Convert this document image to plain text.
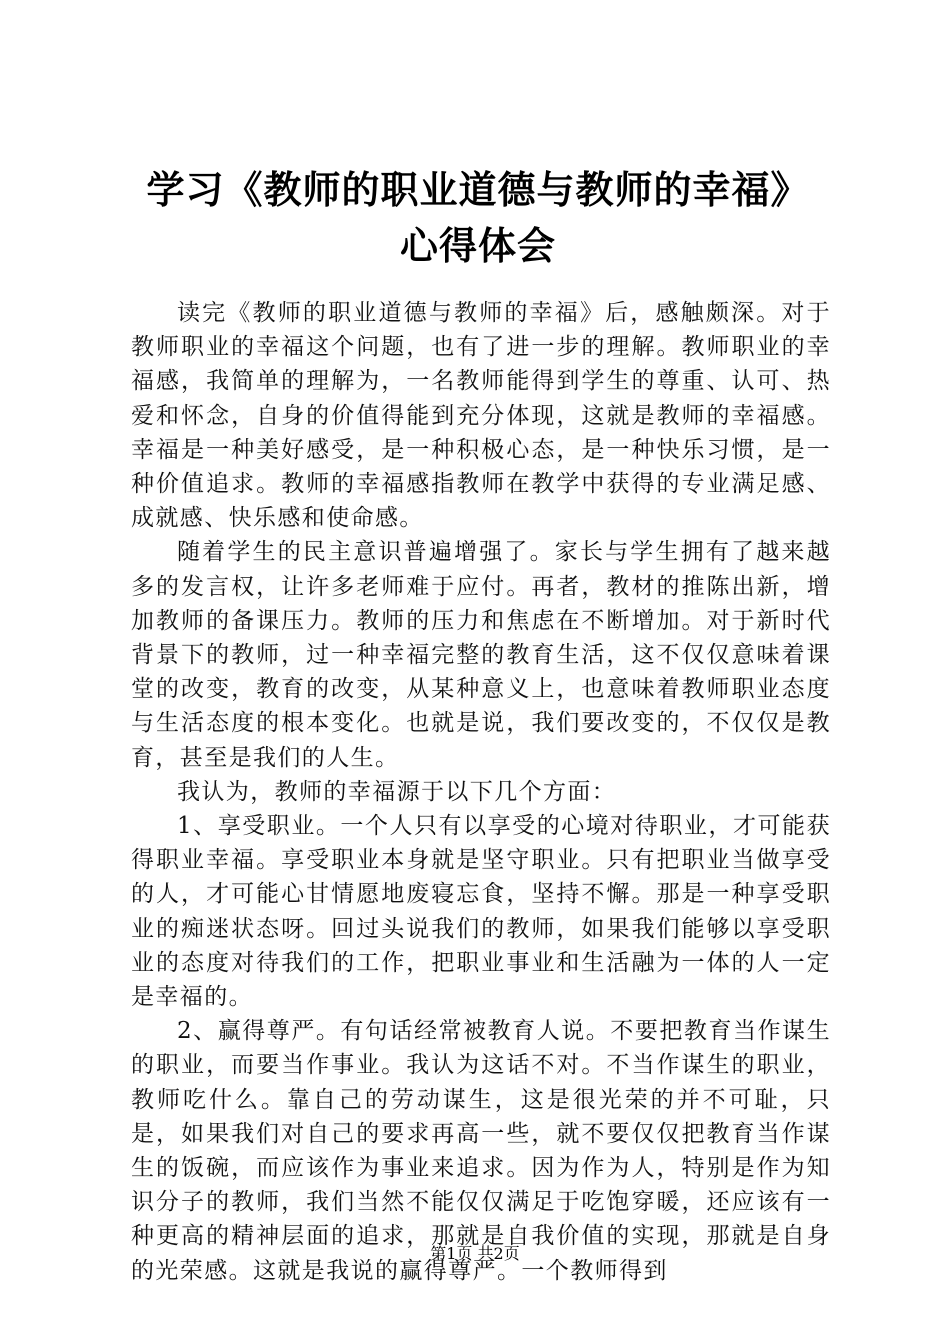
学习《教师的职业道德与教师的幸福》心得体会

读完《教师的职业道德与教师的幸福》后，感触颇深。对于教师职业的幸福这个问题，也有了进一步的理解。教师职业的幸福感，我简单的理解为，一名教师能得到学生的尊重、认可、热爱和怀念，自身的价值得能到充分体现，这就是教师的幸福感。幸福是一种美好感受，是一种积极心态，是一种快乐习惯，是一种价值追求。教师的幸福感指教师在教学中获得的专业满足感、成就感、快乐感和使命感。

随着学生的民主意识普遍增强了。家长与学生拥有了越来越多的发言权，让许多老师难于应付。再者，教材的推陈出新，增加教师的备课压力。教师的压力和焦虑在不断增加。对于新时代背景下的教师，过一种幸福完整的教育生活，这不仅仅意味着课堂的改变，教育的改变，从某种意义上，也意味着教师职业态度与生活态度的根本变化。也就是说，我们要改变的，不仅仅是教育，甚至是我们的人生。

我认为，教师的幸福源于以下几个方面：

1、享受职业。一个人只有以享受的心境对待职业，才可能获得职业幸福。享受职业本身就是坚守职业。只有把职业当做享受的人，才可能心甘情愿地废寝忘食，坚持不懈。那是一种享受职业的痴迷状态呀。回过头说我们的教师，如果我们能够以享受职业的态度对待我们的工作，把职业事业和生活融为一体的人一定是幸福的。

2、赢得尊严。有句话经常被教育人说。不要把教育当作谋生的职业，而要当作事业。我认为这话不对。不当作谋生的职业，教师吃什么。靠自己的劳动谋生，这是很光荣的并不可耻，只是，如果我们对自己的要求再高一些，就不要仅仅把教育当作谋生的饭碗，而应该作为事业来追求。因为作为人，特别是作为知识分子的教师，我们当然不能仅仅满足于吃饱穿暖，还应该有一种更高的精神层面的追求，那就是自我价值的实现，那就是自身的光荣感。这就是我说的赢得尊严。一个教师得到

第1页 共2页
